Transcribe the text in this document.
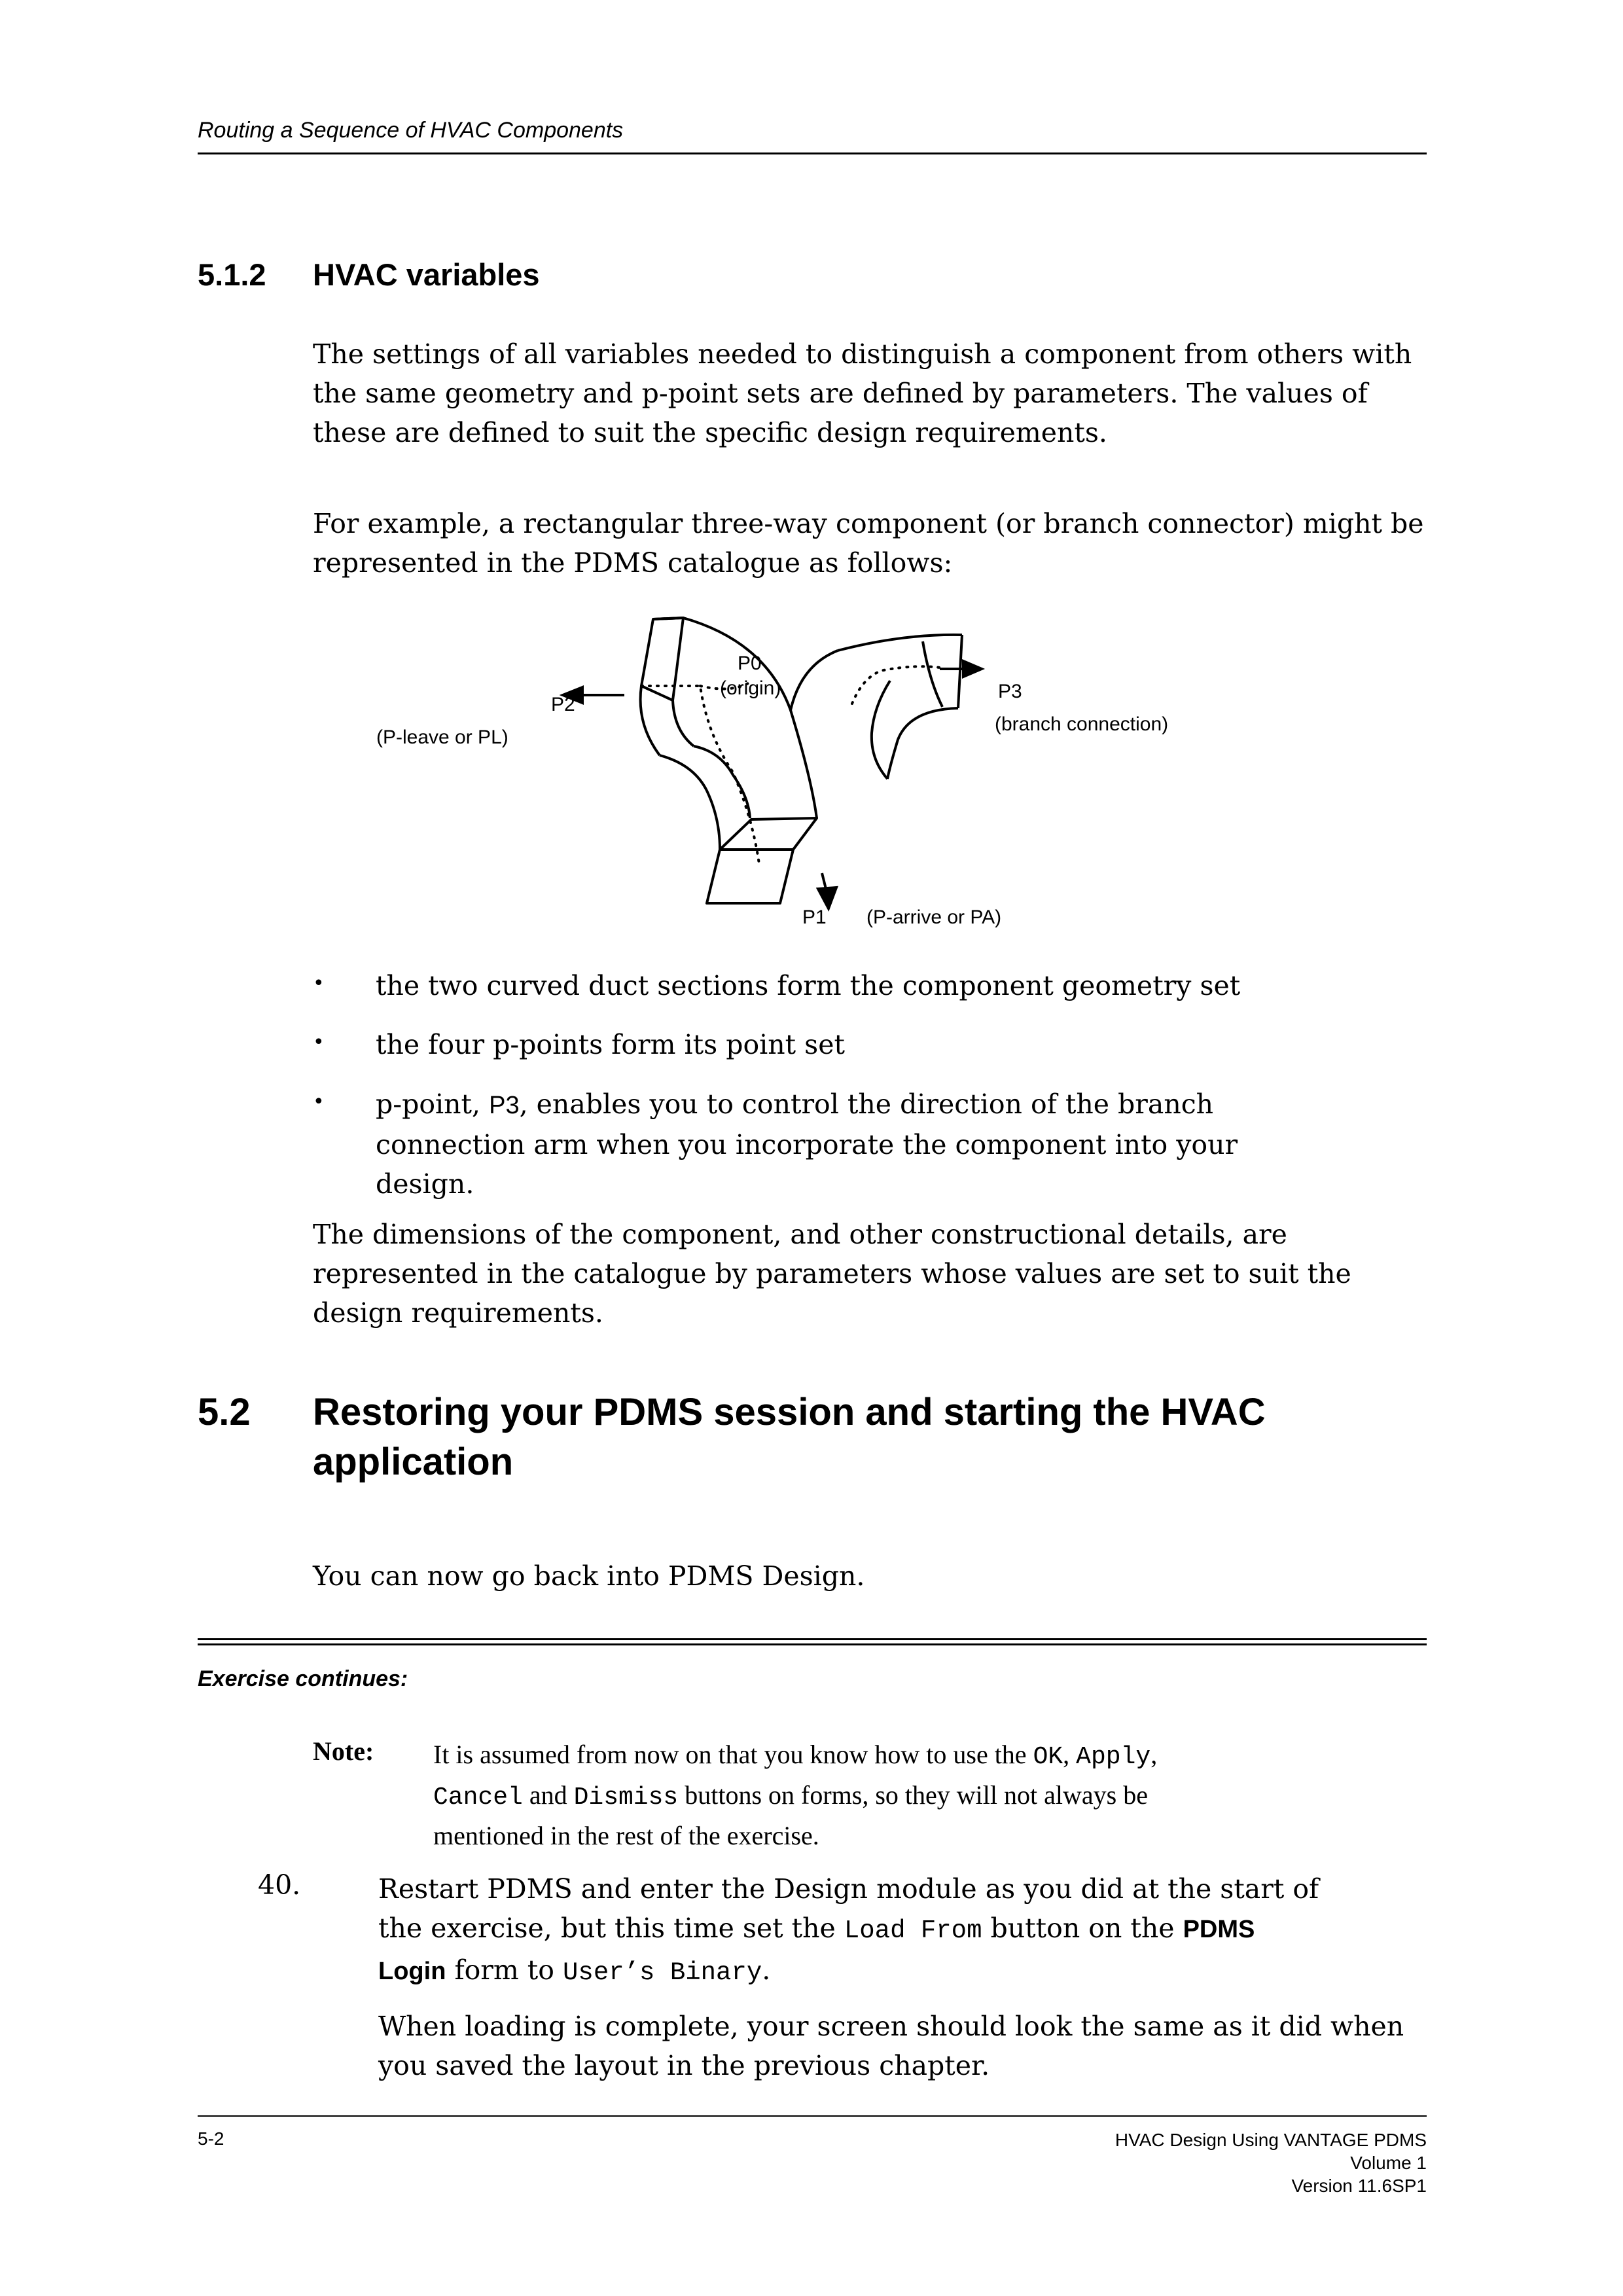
Routing a Sequence of HVAC Components
5.1.2 HVAC variables
The settings of all variables needed to distinguish a component from others with the same geometry and p-point sets are defined by parameters. The values of these are defined to suit the specific design requirements.
For example, a rectangular three-way component (or branch connector) might be represented in the PDMS catalogue as follows:
P0
(origin)
P2
(P-leave or PL)
P3
(branch connection)
P1 (P-arrive or PA)
• the two curved duct sections form the component geometry set
• the four p-points form its point set
• p-point, P3, enables you to control the direction of the branch
connection arm when you incorporate the component into your
design.
The dimensions of the component, and other constructional details, are represented in the catalogue by parameters whose values are set to suit the design requirements.
5.2 Restoring your PDMS session and starting the HVAC
application
You can now go back into PDMS Design.
Exercise continues:
Note: It is assumed from now on that you know how to use the OK, Apply,
Cancel and Dismiss buttons on forms, so they will not always be
mentioned in the rest of the exercise.
40.	Restart PDMS and enter the Design module as you did at the start of
the exercise, but this time set the Load From button on the PDMS
Login form to User’s Binary.
When loading is complete, your screen should look the same as it did when you saved the layout in the previous chapter.
5-2	HVAC Design Using VANTAGE PDMS
Volume 1
Version 11.6SP1
